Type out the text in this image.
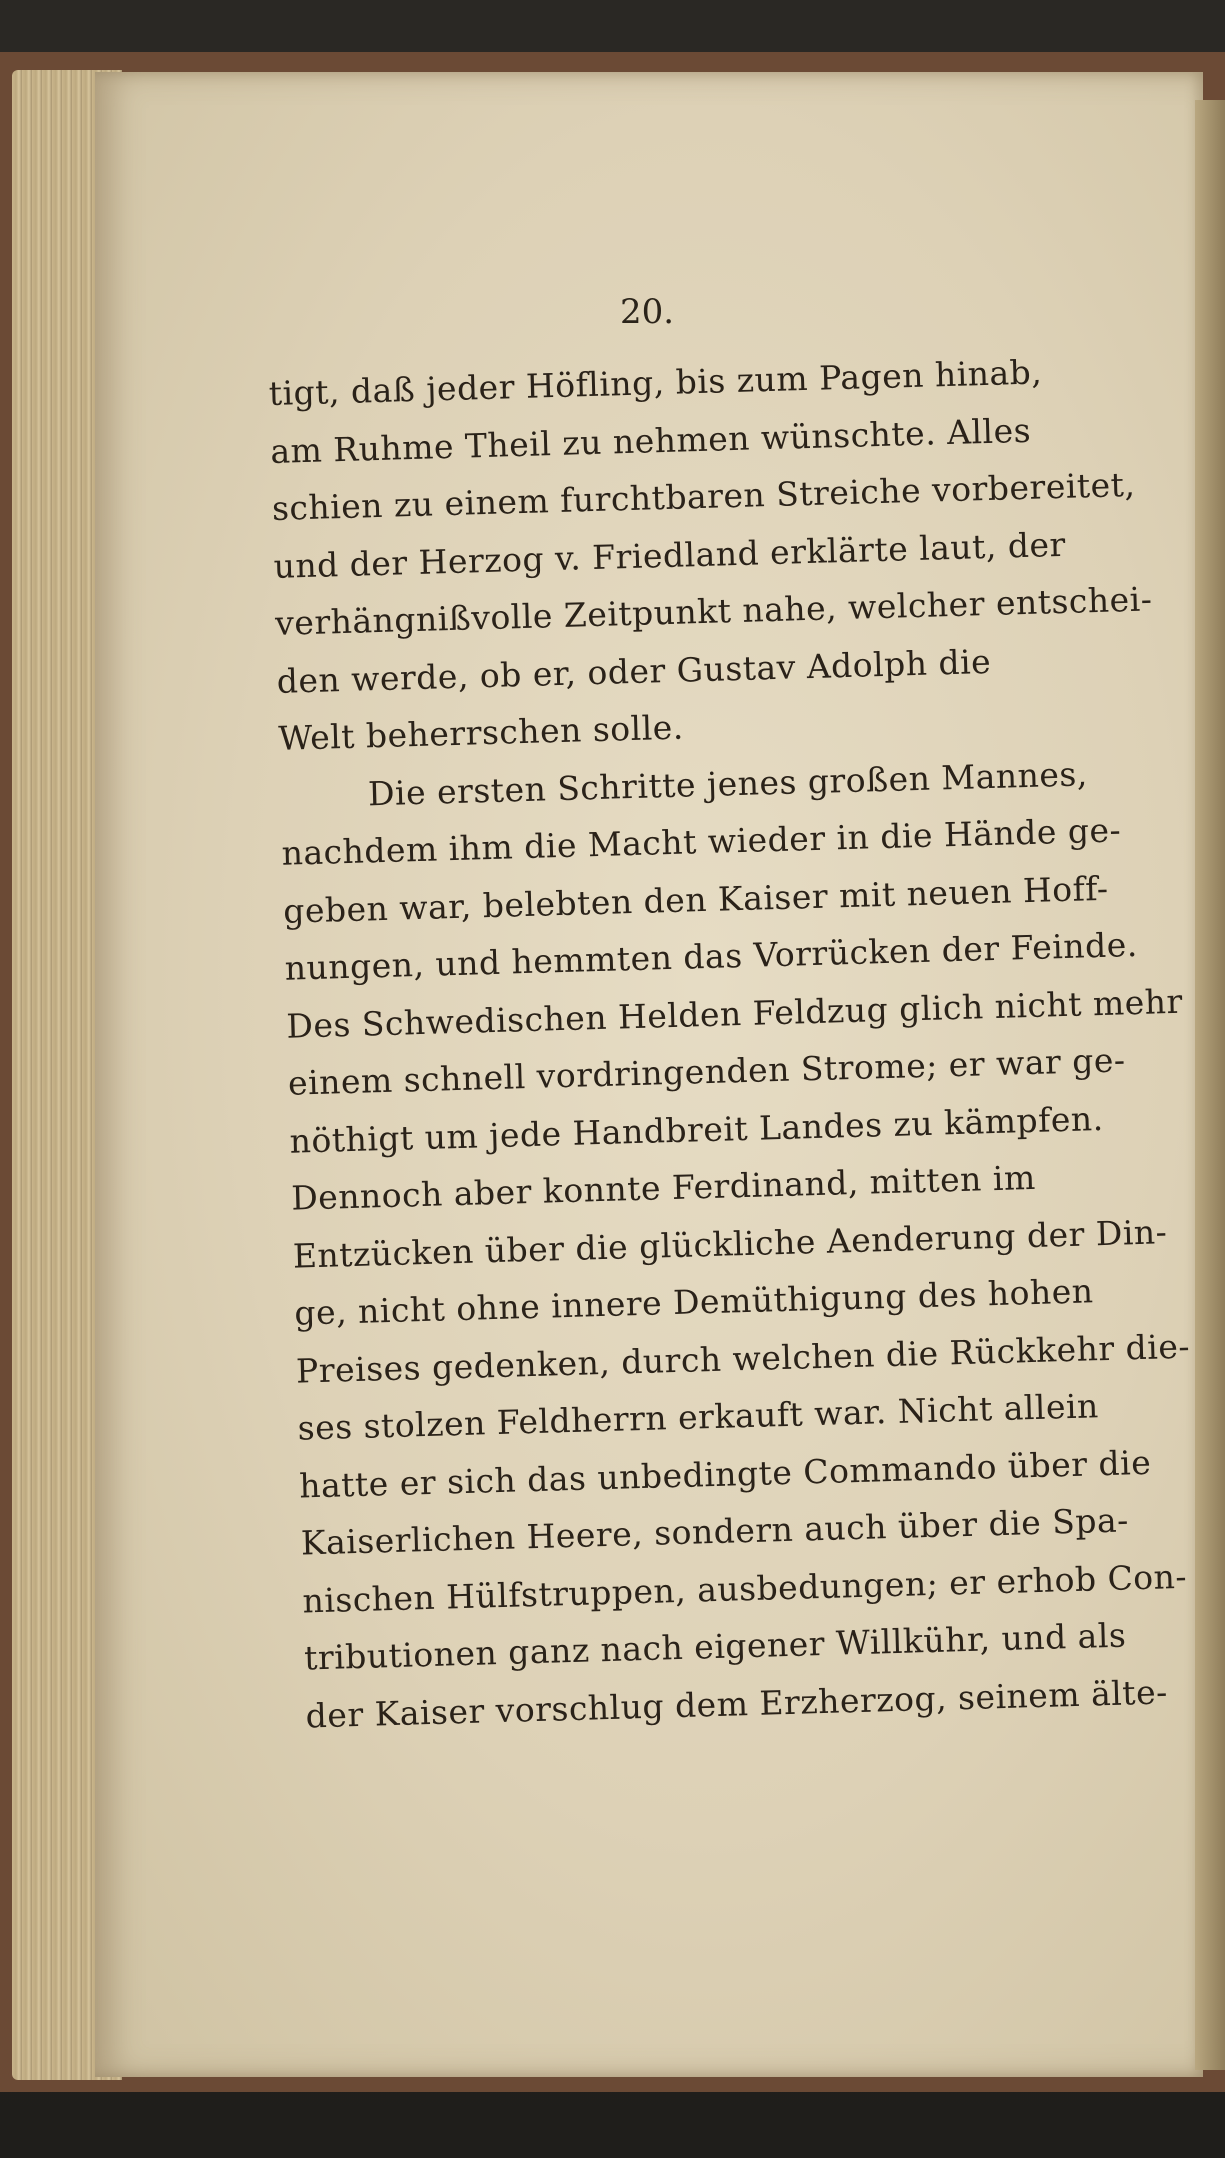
20.
tigt, daß jeder Höfling, bis zum Pagen hinab,
am Ruhme Theil zu nehmen wünschte. Alles
schien zu einem furchtbaren Streiche vorbereitet,
und der Herzog v. Friedland erklärte laut, der
verhängnißvolle Zeitpunkt nahe, welcher entschei-
den werde, ob er, oder Gustav Adolph die
Welt beherrschen solle.
Die ersten Schritte jenes großen Mannes,
nachdem ihm die Macht wieder in die Hände ge-
geben war, belebten den Kaiser mit neuen Hoff-
nungen, und hemmten das Vorrücken der Feinde.
Des Schwedischen Helden Feldzug glich nicht mehr
einem schnell vordringenden Strome; er war ge-
nöthigt um jede Handbreit Landes zu kämpfen.
Dennoch aber konnte Ferdinand, mitten im
Entzücken über die glückliche Aenderung der Din-
ge, nicht ohne innere Demüthigung des hohen
Preises gedenken, durch welchen die Rückkehr die-
ses stolzen Feldherrn erkauft war. Nicht allein
hatte er sich das unbedingte Commando über die
Kaiserlichen Heere, sondern auch über die Spa-
nischen Hülfstruppen, ausbedungen; er erhob Con-
tributionen ganz nach eigener Willkühr, und als
der Kaiser vorschlug dem Erzherzog, seinem älte-
